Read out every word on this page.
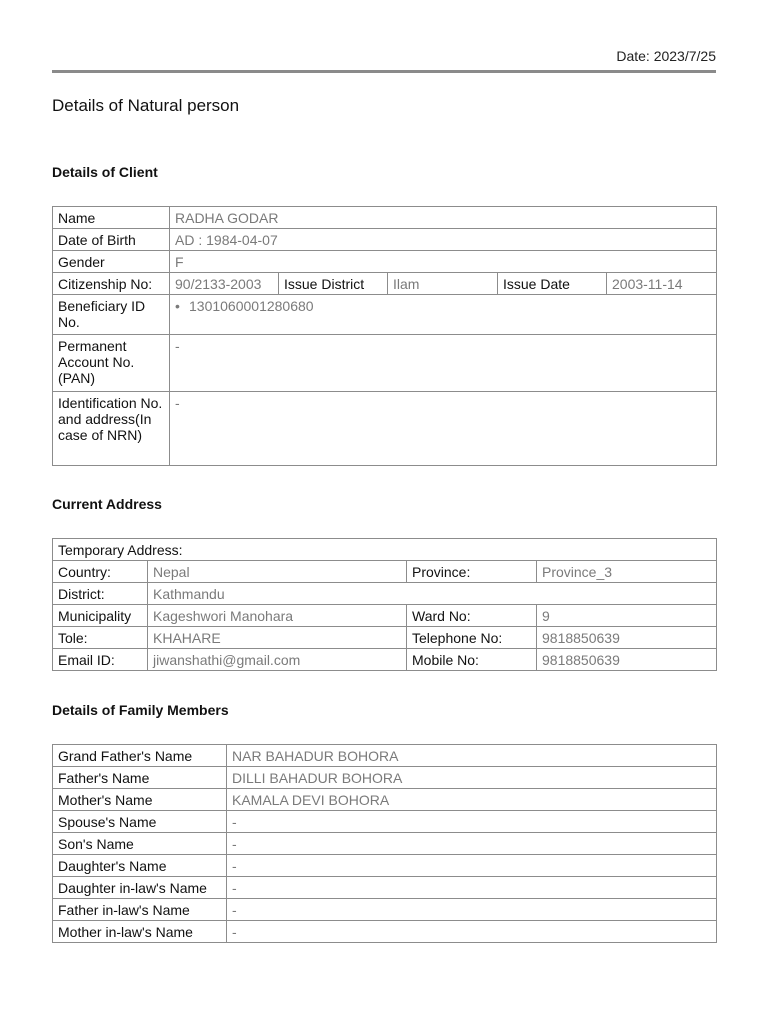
Date: 2023/7/25
Details of Natural person
Details of Client
Name	RADHA GODAR				
Date of Birth	AD : 1984-04-07				
Gender	F				
Citizenship No:	90/2133-2003	Issue District	Ilam	Issue Date	2003-11-14
Beneficiary ID No.	• 1301060001280680				
Permanent Account No. (PAN)	-				
Identification No. and address(In case of NRN)	-				
Current Address
Temporary Address:			
Country:	Nepal	Province:	Province_3
District:	Kathmandu		
Municipality	Kageshwori Manohara	Ward No:	9
Tole:	KHAHARE	Telephone No:	9818850639
Email ID:	jiwanshathi@gmail.com	Mobile No:	9818850639
Details of Family Members
Grand Father's Name	NAR BAHADUR BOHORA
Father's Name	DILLI BAHADUR BOHORA
Mother's Name	KAMALA DEVI BOHORA
Spouse's Name	-
Son's Name	-
Daughter's Name	-
Daughter in-law's Name	-
Father in-law's Name	-
Mother in-law's Name	-
